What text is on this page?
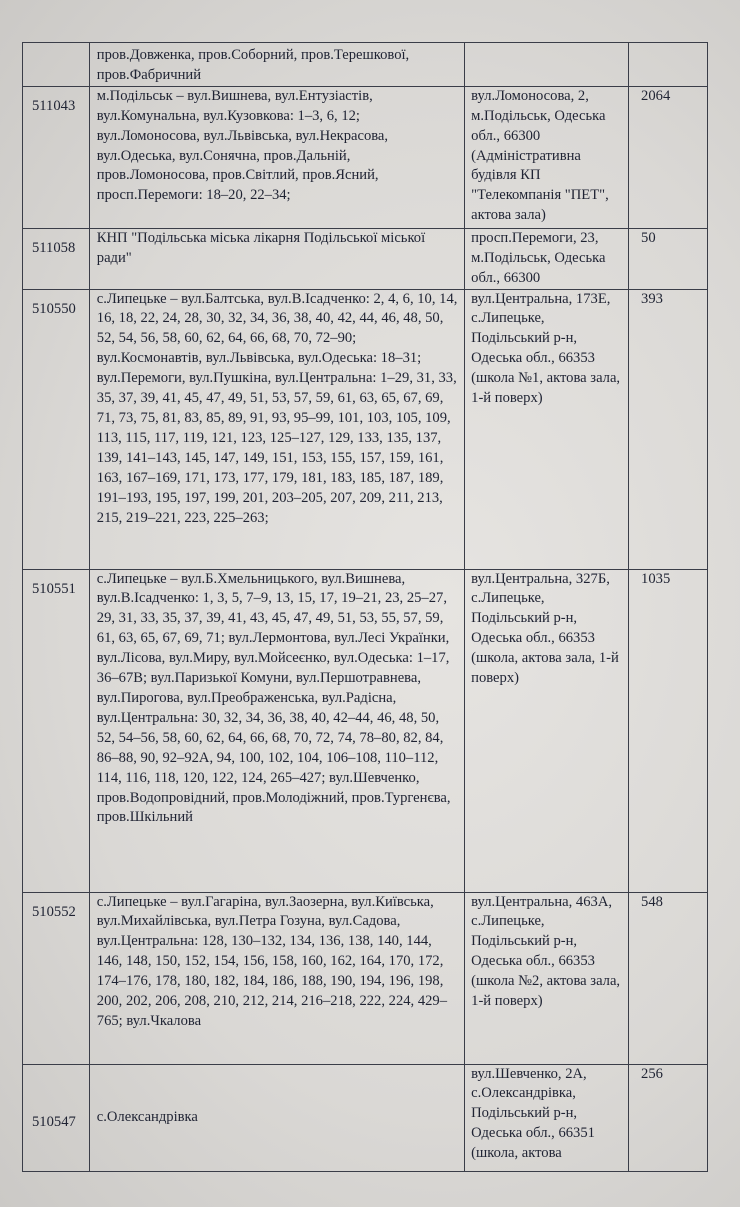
	пров.Довженка, пров.Соборний, пров.Терешкової, пров.Фабричний		
511043	м.Подільськ – вул.Вишнева, вул.Ентузіастів, вул.Комунальна, вул.Кузовкова: 1–3, 6, 12; вул.Ломоносова, вул.Львівська, вул.Некрасова, вул.Одеська, вул.Сонячна, пров.Дальній, пров.Ломоносова, пров.Світлий, пров.Ясний, просп.Перемоги: 18–20, 22–34;	вул.Ломоносова, 2, м.Подільськ, Одеська обл., 66300 (Адміністративна будівля КП "Телекомпанія "ПЕТ", актова зала)	2064
511058	КНП "Подільська міська лікарня Подільської міської ради"	просп.Перемоги, 23, м.Подільськ, Одеська обл., 66300	50
510550	с.Липецьке – вул.Балтська, вул.В.Ісадченко: 2, 4, 6, 10, 14, 16, 18, 22, 24, 28, 30, 32, 34, 36, 38, 40, 42, 44, 46, 48, 50, 52, 54, 56, 58, 60, 62, 64, 66, 68, 70, 72–90; вул.Космонавтів, вул.Львівська, вул.Одеська: 18–31; вул.Перемоги, вул.Пушкіна, вул.Центральна: 1–29, 31, 33, 35, 37, 39, 41, 45, 47, 49, 51, 53, 57, 59, 61, 63, 65, 67, 69, 71, 73, 75, 81, 83, 85, 89, 91, 93, 95–99, 101, 103, 105, 109, 113, 115, 117, 119, 121, 123, 125–127, 129, 133, 135, 137, 139, 141–143, 145, 147, 149, 151, 153, 155, 157, 159, 161, 163, 167–169, 171, 173, 177, 179, 181, 183, 185, 187, 189, 191–193, 195, 197, 199, 201, 203–205, 207, 209, 211, 213, 215, 219–221, 223, 225–263;	вул.Центральна, 173Е, с.Липецьке, Подільський р-н, Одеська обл., 66353 (школа №1, актова зала, 1-й поверх)	393
510551	с.Липецьке – вул.Б.Хмельницького, вул.Вишнева, вул.В.Ісадченко: 1, 3, 5, 7–9, 13, 15, 17, 19–21, 23, 25–27, 29, 31, 33, 35, 37, 39, 41, 43, 45, 47, 49, 51, 53, 55, 57, 59, 61, 63, 65, 67, 69, 71; вул.Лермонтова, вул.Лесі Українки, вул.Лісова, вул.Миру, вул.Мойсеєнко, вул.Одеська: 1–17, 36–67В; вул.Паризької Комуни, вул.Першотравнева, вул.Пирогова, вул.Преображенська, вул.Радісна, вул.Центральна: 30, 32, 34, 36, 38, 40, 42–44, 46, 48, 50, 52, 54–56, 58, 60, 62, 64, 66, 68, 70, 72, 74, 78–80, 82, 84, 86–88, 90, 92–92А, 94, 100, 102, 104, 106–108, 110–112, 114, 116, 118, 120, 122, 124, 265–427; вул.Шевченко, пров.Водопровідний, пров.Молодіжний, пров.Тургенєва, пров.Шкільний	вул.Центральна, 327Б, с.Липецьке, Подільський р-н, Одеська обл., 66353 (школа, актова зала, 1-й поверх)	1035
510552	с.Липецьке – вул.Гагаріна, вул.Заозерна, вул.Київська, вул.Михайлівська, вул.Петра Гозуна, вул.Садова, вул.Центральна: 128, 130–132, 134, 136, 138, 140, 144, 146, 148, 150, 152, 154, 156, 158, 160, 162, 164, 170, 172, 174–176, 178, 180, 182, 184, 186, 188, 190, 194, 196, 198, 200, 202, 206, 208, 210, 212, 214, 216–218, 222, 224, 429–765; вул.Чкалова	вул.Центральна, 463А, с.Липецьке, Подільський р-н, Одеська обл., 66353 (школа №2, актова зала, 1-й поверх)	548
510547	с.Олександрівка	вул.Шевченко, 2А, с.Олександрівка, Подільський р-н, Одеська обл., 66351 (школа, актова	256
